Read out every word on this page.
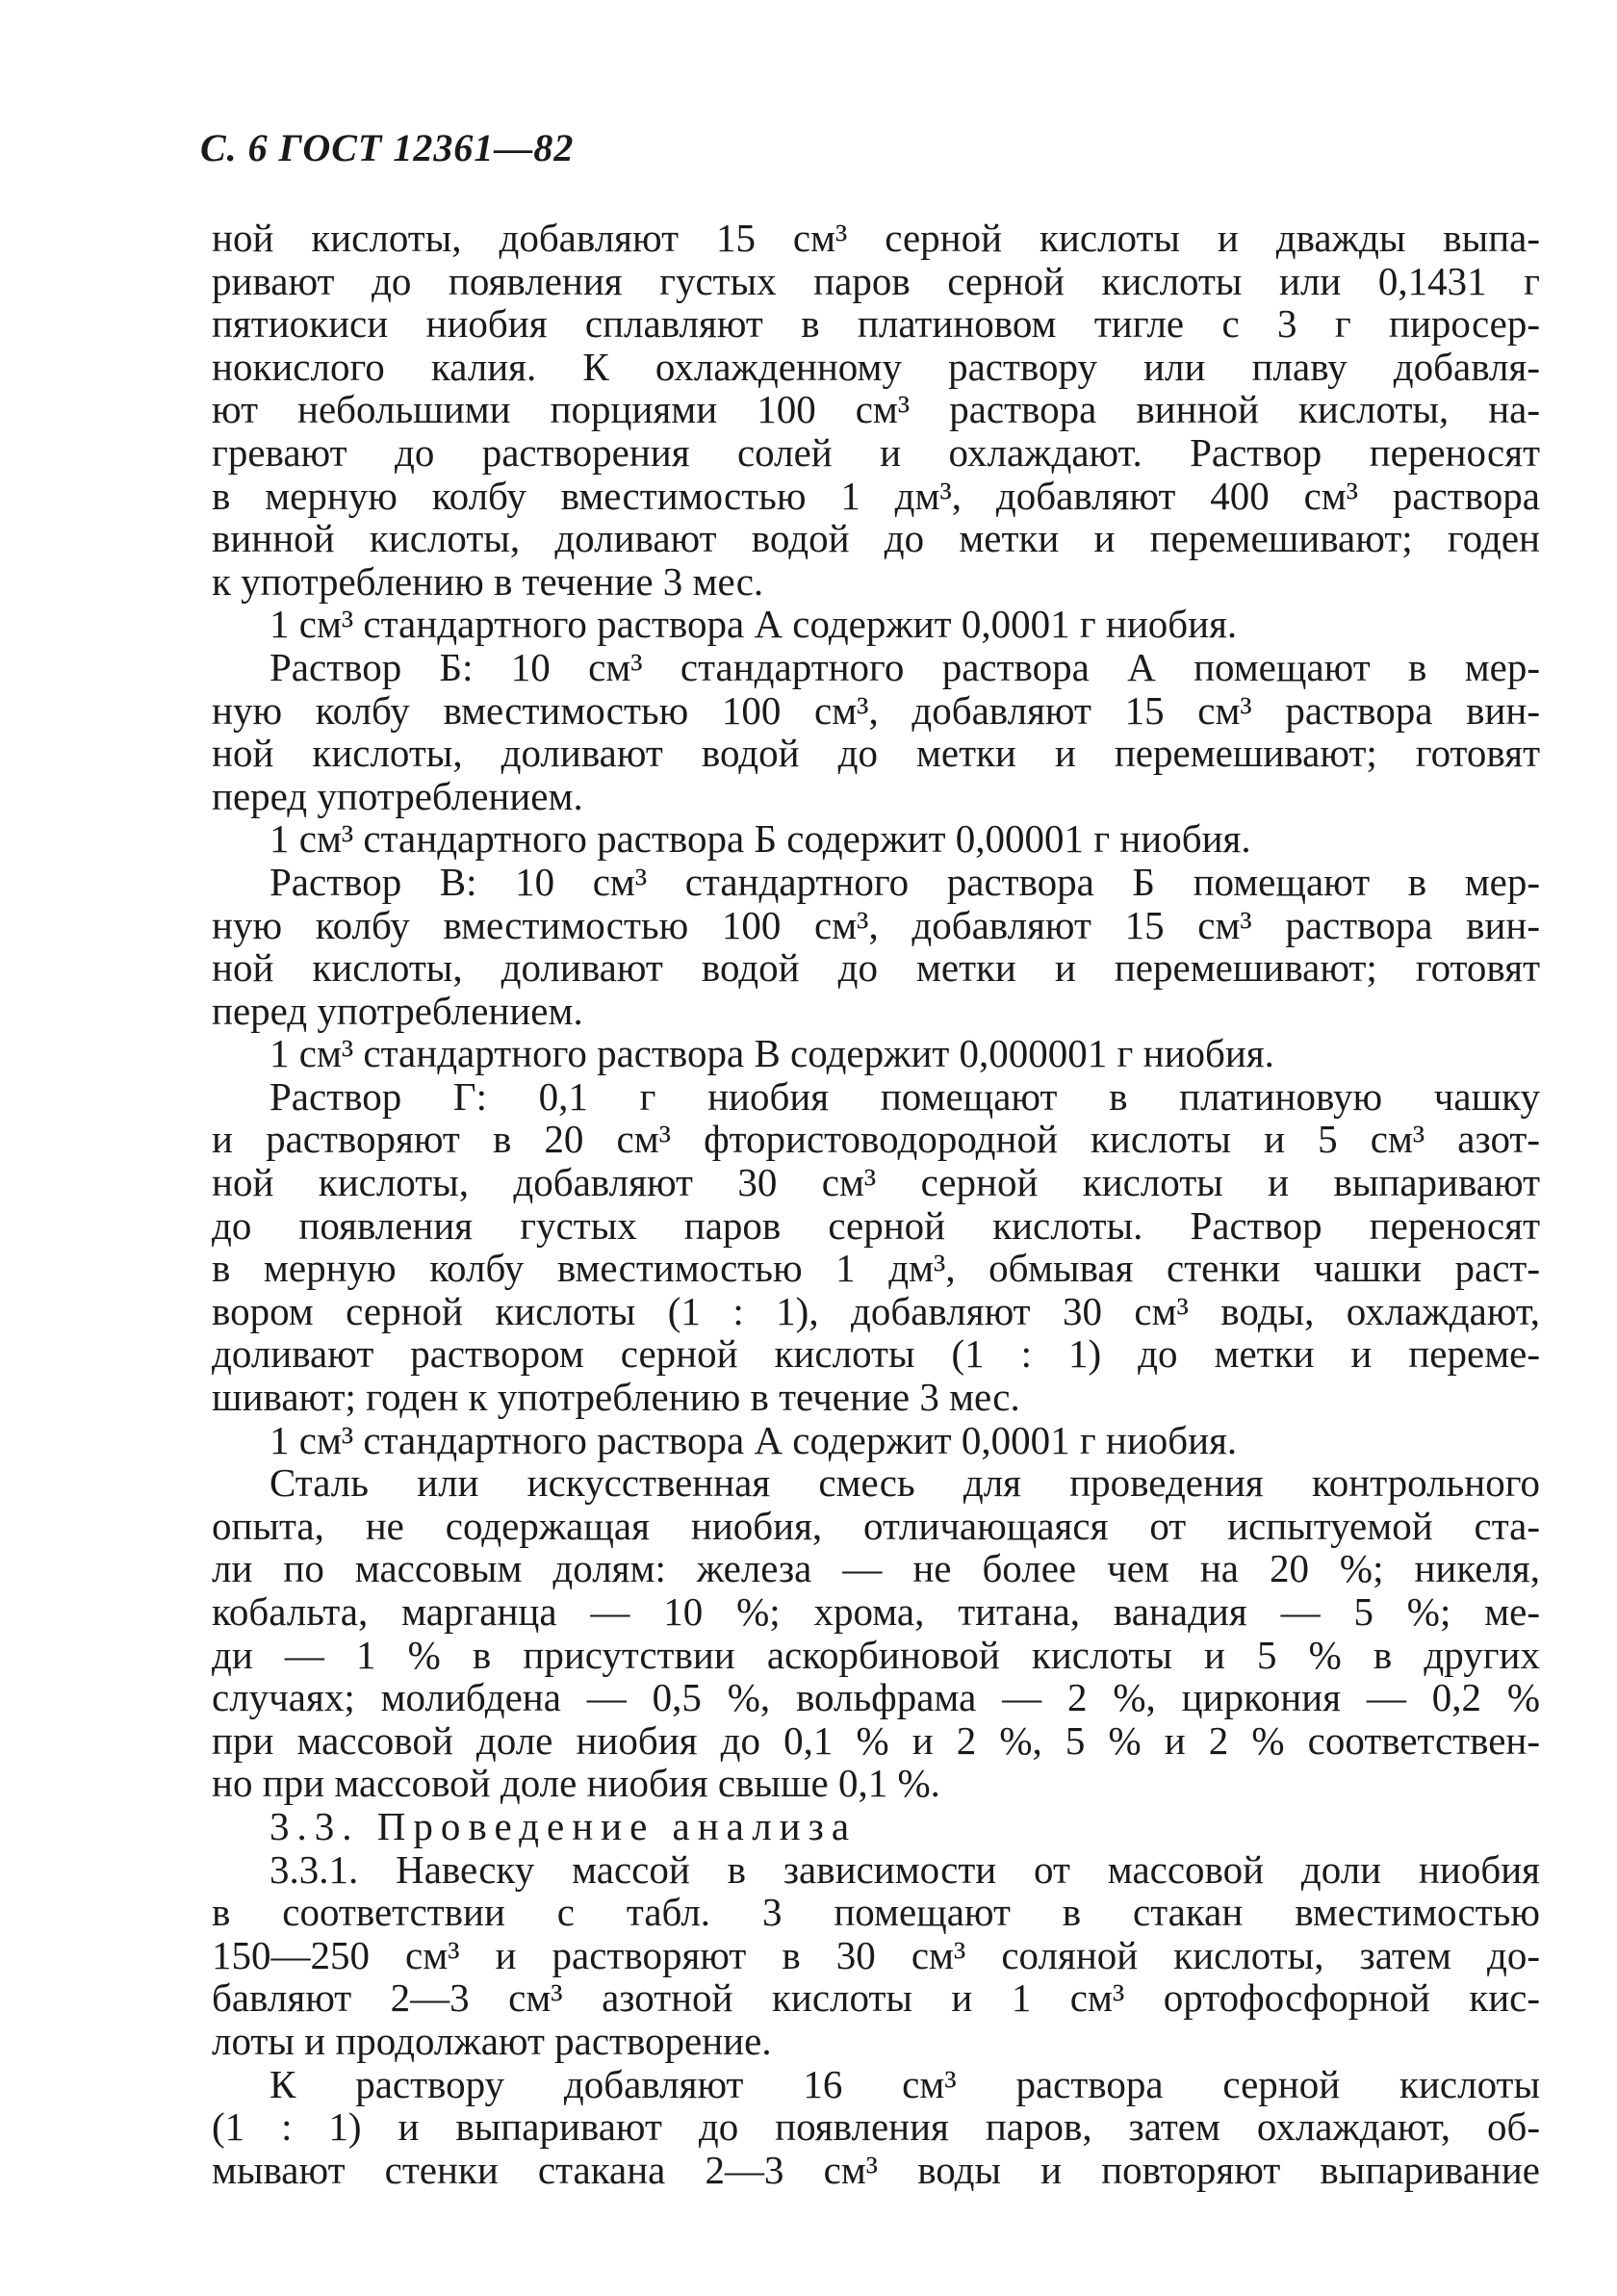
С. 6 ГОСТ 12361—82
ной кислоты, добавляют 15 см³ серной кислоты и дважды выпа-
ривают до появления густых паров серной кислоты или 0,1431 г
пятиокиси ниобия сплавляют в платиновом тигле с 3 г пиросер-
нокислого калия. К охлажденному раствору или плаву добавля-
ют небольшими порциями 100 см³ раствора винной кислоты, на-
гревают до растворения солей и охлаждают. Раствор переносят
в мерную колбу вместимостью 1 дм³, добавляют 400 см³ раствора
винной кислоты, доливают водой до метки и перемешивают; годен
к употреблению в течение 3 мес.
1 см³ стандартного раствора А содержит 0,0001 г ниобия.
Раствор Б: 10 см³ стандартного раствора А помещают в мер-
ную колбу вместимостью 100 см³, добавляют 15 см³ раствора вин-
ной кислоты, доливают водой до метки и перемешивают; готовят
перед употреблением.
1 см³ стандартного раствора Б содержит 0,00001 г ниобия.
Раствор В: 10 см³ стандартного раствора Б помещают в мер-
ную колбу вместимостью 100 см³, добавляют 15 см³ раствора вин-
ной кислоты, доливают водой до метки и перемешивают; готовят
перед употреблением.
1 см³ стандартного раствора В содержит 0,000001 г ниобия.
Раствор Г: 0,1 г ниобия помещают в платиновую чашку
и растворяют в 20 см³ фтористоводородной кислоты и 5 см³ азот-
ной кислоты, добавляют 30 см³ серной кислоты и выпаривают
до появления густых паров серной кислоты. Раствор переносят
в мерную колбу вместимостью 1 дм³, обмывая стенки чашки раст-
вором серной кислоты (1 : 1), добавляют 30 см³ воды, охлаждают,
доливают раствором серной кислоты (1 : 1) до метки и переме-
шивают; годен к употреблению в течение 3 мес.
1 см³ стандартного раствора А содержит 0,0001 г ниобия.
Сталь или искусственная смесь для проведения контрольного
опыта, не содержащая ниобия, отличающаяся от испытуемой ста-
ли по массовым долям: железа — не более чем на 20 %; никеля,
кобальта, марганца — 10 %; хрома, титана, ванадия — 5 %; ме-
ди — 1 % в присутствии аскорбиновой кислоты и 5 % в других
случаях; молибдена — 0,5 %, вольфрама — 2 %, циркония — 0,2 %
при массовой доле ниобия до 0,1 % и 2 %, 5 % и 2 % соответствен-
но при массовой доле ниобия свыше 0,1 %.
3.3. Проведение анализа
3.3.1. Навеску массой в зависимости от массовой доли ниобия
в соответствии с табл. 3 помещают в стакан вместимостью
150—250 см³ и растворяют в 30 см³ соляной кислоты, затем до-
бавляют 2—3 см³ азотной кислоты и 1 см³ ортофосфорной кис-
лоты и продолжают растворение.
К раствору добавляют 16 см³ раствора серной кислоты
(1 : 1) и выпаривают до появления паров, затем охлаждают, об-
мывают стенки стакана 2—3 см³ воды и повторяют выпаривание
